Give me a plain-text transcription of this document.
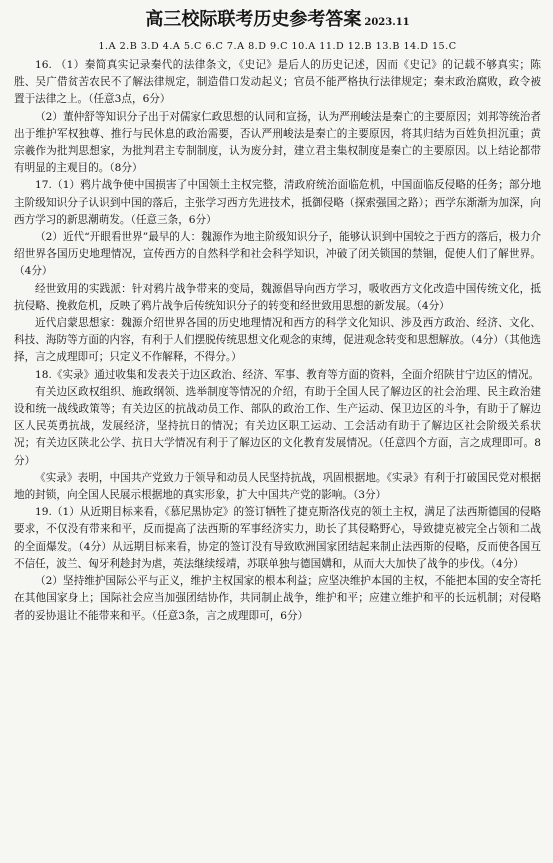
高三校际联考历史参考答案 2023.11
1.A 2.B 3.D 4.A 5.C 6.C 7.A 8.D 9.C 10.A 11.D 12.B 13.B 14.D 15.C

16. （1）秦简真实记录秦代的法律条文，《史记》是后人的历史记述，因而《史记》的记载不够真实；陈胜、吴广借贫苦农民不了解法律规定，制造借口发动起义；官员不能严格执行法律规定；秦末政治腐败，政令被置于法律之上。（任意3点，6分）

（2）董仲舒等知识分子出于对儒家仁政思想的认同和宣扬，认为严刑峻法是秦亡的主要原因；刘邦等统治者出于维护军权独尊、推行与民休息的政治需要，否认严刑峻法是秦亡的主要原因，将其归结为百姓负担沉重；黄宗羲作为批判思想家，为批判君主专制制度，认为废分封，建立君主集权制度是秦亡的主要原因。以上结论都带有明显的主观目的。（8分）

17.（1）鸦片战争使中国损害了中国领土主权完整，清政府统治面临危机，中国面临反侵略的任务；部分地主阶级知识分子认识到中国的落后，主张学习西方先进技术，抵御侵略（探索强国之路）；西学东渐渐为加深，向西方学习的新思潮萌发。（任意三条，6分）

（2）近代“开眼看世界”最早的人：魏源作为地主阶级知识分子，能够认识到中国较之于西方的落后，极力介绍世界各国历史地理情况，宣传西方的自然科学和社会科学知识，冲破了闭关锁国的禁锢，促使人们了解世界。（4分）

经世致用的实践派：针对鸦片战争带来的变局，魏源倡导向西方学习，吸收西方文化改造中国传统文化，抵抗侵略、挽救危机，反映了鸦片战争后传统知识分子的转变和经世致用思想的新发展。（4分）

近代启蒙思想家：魏源介绍世界各国的历史地理情况和西方的科学文化知识、涉及西方政治、经济、文化、科技、海防等方面的内容，有利于人们摆脱传统思想文化观念的束缚，促进观念转变和思想解放。（4分）（其他选择，言之成理即可；只定义不作解释，不得分。）

18.《实录》通过收集和发表关于边区政治、经济、军事、教育等方面的资料，全面介绍陕甘宁边区的情况。

有关边区政权组织、施政纲领、选举制度等情况的介绍，有助于全国人民了解边区的社会治理、民主政治建设和统一战线政策等；有关边区的抗战动员工作、部队的政治工作、生产运动、保卫边区的斗争，有助于了解边区人民英勇抗战，发展经济，坚持抗日的情况；有关边区职工运动、工会活动有助于了解边区社会阶级关系状况；有关边区陕北公学、抗日大学情况有利于了解边区的文化教育发展情况。（任意四个方面，言之成理即可。8分）

《实录》表明，中国共产党致力于领导和动员人民坚持抗战，巩固根据地。《实录》有利于打破国民党对根据地的封锁，向全国人民展示根据地的真实形象，扩大中国共产党的影响。（3分）

19.（1）从近期目标来看，《慕尼黑协定》的签订牺牲了捷克斯洛伐克的领土主权，满足了法西斯德国的侵略要求，不仅没有带来和平，反而提高了法西斯的军事经济实力，助长了其侵略野心，导致捷克被完全占领和二战的全面爆发。（4分）从远期目标来看，协定的签订没有导致欧洲国家团结起来制止法西斯的侵略，反而使各国互不信任，波兰、匈牙利趁封为虐，英法继续绥靖，苏联单独与德国媾和，从而大大加快了战争的步伐。（4分）

（2）坚持维护国际公平与正义，维护主权国家的根本利益；应坚决维护本国的主权，不能把本国的安全寄托在其他国家身上；国际社会应当加强团结协作，共同制止战争，维护和平；应建立维护和平的长远机制；对侵略者的妥协退让不能带来和平。（任意3条，言之成理即可，6分）
